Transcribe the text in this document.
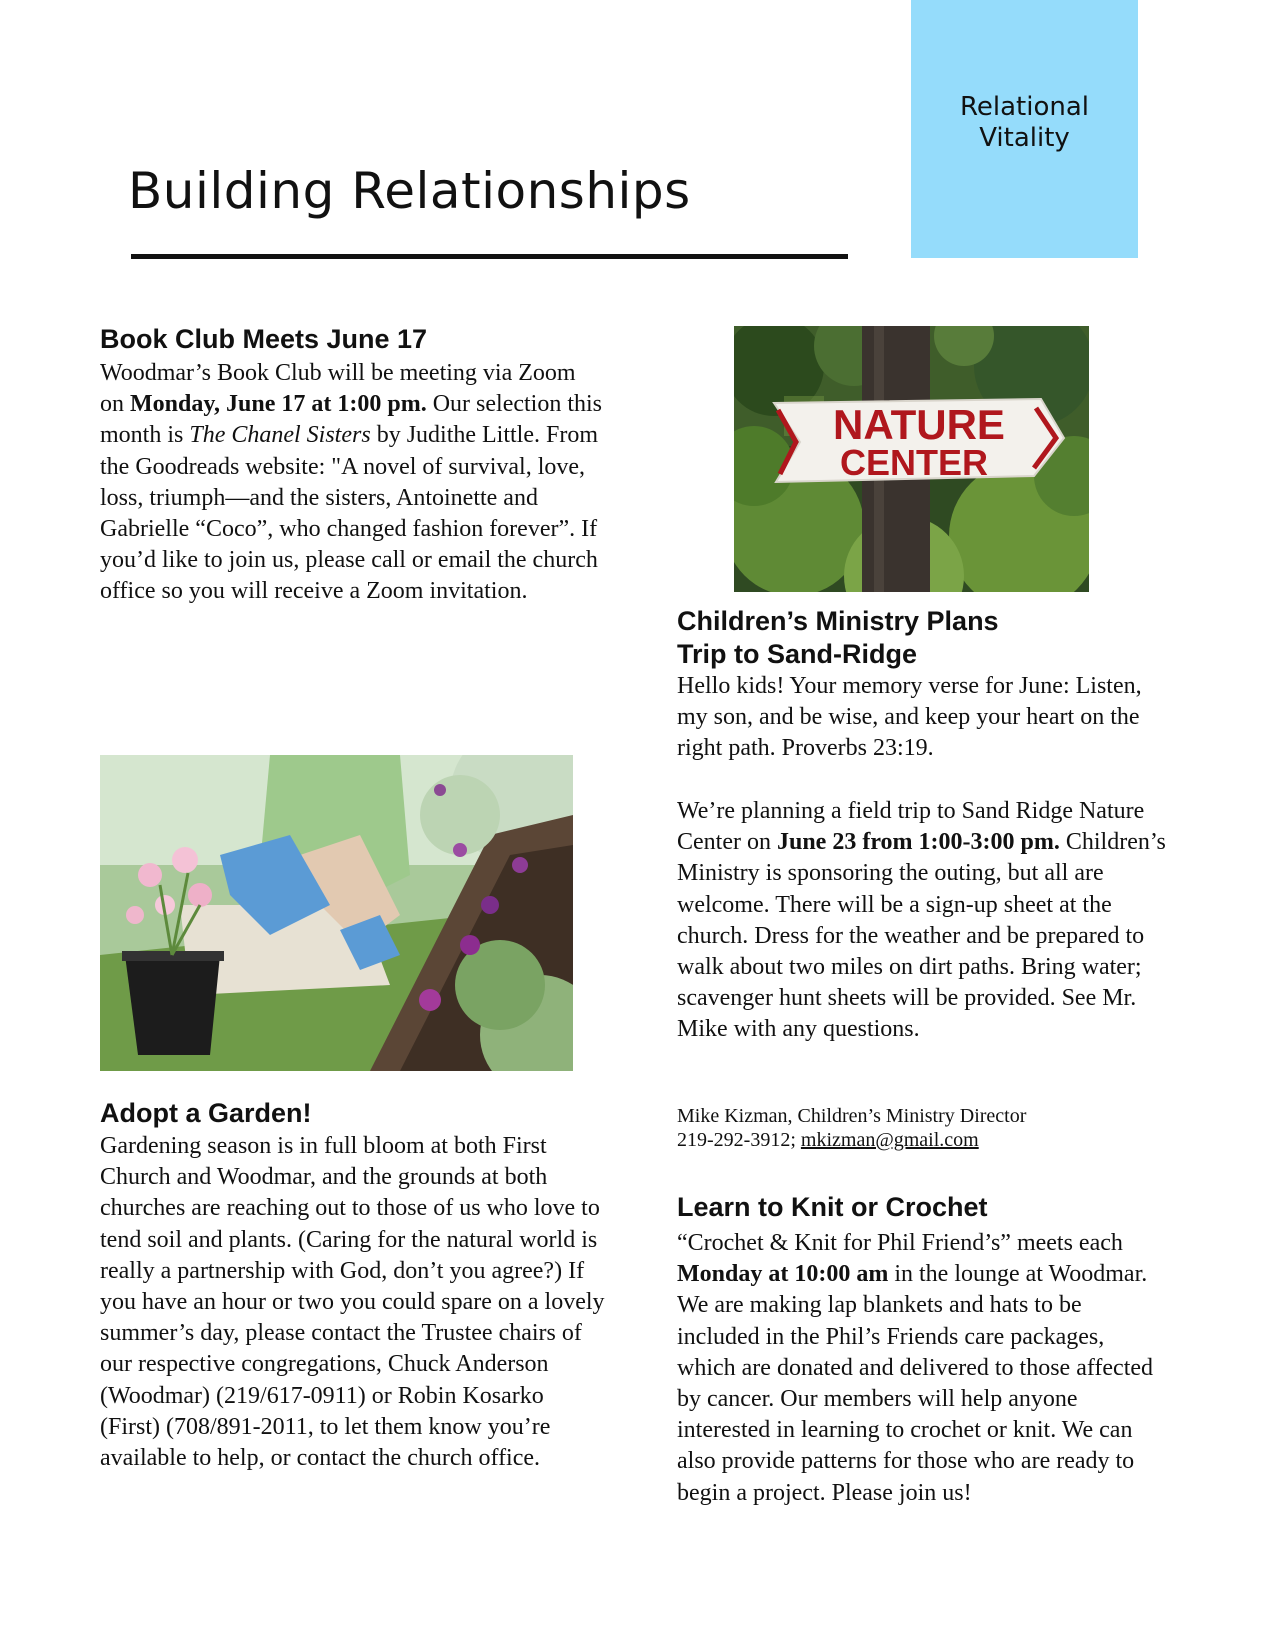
Relational
Vitality
Building Relationships
Book Club Meets June 17

Woodmar’s Book Club will be meeting via Zoom on Monday, June 17 at 1:00 pm. Our selection this month is The Chanel Sisters by Judithe Little. From the Goodreads website: "A novel of survival, love, loss, triumph—and the sisters, Antoinette and Gabrielle “Coco”, who changed fashion forever”. If you’d like to join us, please call or email the church office so you will receive a Zoom invitation.

NATURE
CENTER
Children’s Ministry Plans
Trip to Sand-Ridge

Hello kids! Your memory verse for June: Listen, my son, and be wise, and keep your heart on the right path. Proverbs 23:19.

We’re planning a field trip to Sand Ridge Nature Center on June 23 from 1:00-3:00 pm. Children’s Ministry is sponsoring the outing, but all are welcome. There will be a sign-up sheet at the church. Dress for the weather and be prepared to walk about two miles on dirt paths. Bring water; scavenger hunt sheets will be provided. See Mr. Mike with any questions.

Mike Kizman, Children’s Ministry Director
219-292-3912; mkizman@gmail.com

Adopt a Garden!

Gardening season is in full bloom at both First Church and Woodmar, and the grounds at both churches are reaching out to those of us who love to tend soil and plants. (Caring for the natural world is really a partnership with God, don’t you agree?) If you have an hour or two you could spare on a lovely summer’s day, please contact the Trustee chairs of our respective congregations, Chuck Anderson (Woodmar) (219/617-0911) or Robin Kosarko (First) (708/891-2011, to let them know you’re available to help, or contact the church office.

Learn to Knit or Crochet

“Crochet & Knit for Phil Friend’s” meets each Monday at 10:00 am in the lounge at Woodmar. We are making lap blankets and hats to be included in the Phil’s Friends care packages, which are donated and delivered to those affected by cancer. Our members will help anyone interested in learning to crochet or knit. We can also provide patterns for those who are ready to begin a project. Please join us!
